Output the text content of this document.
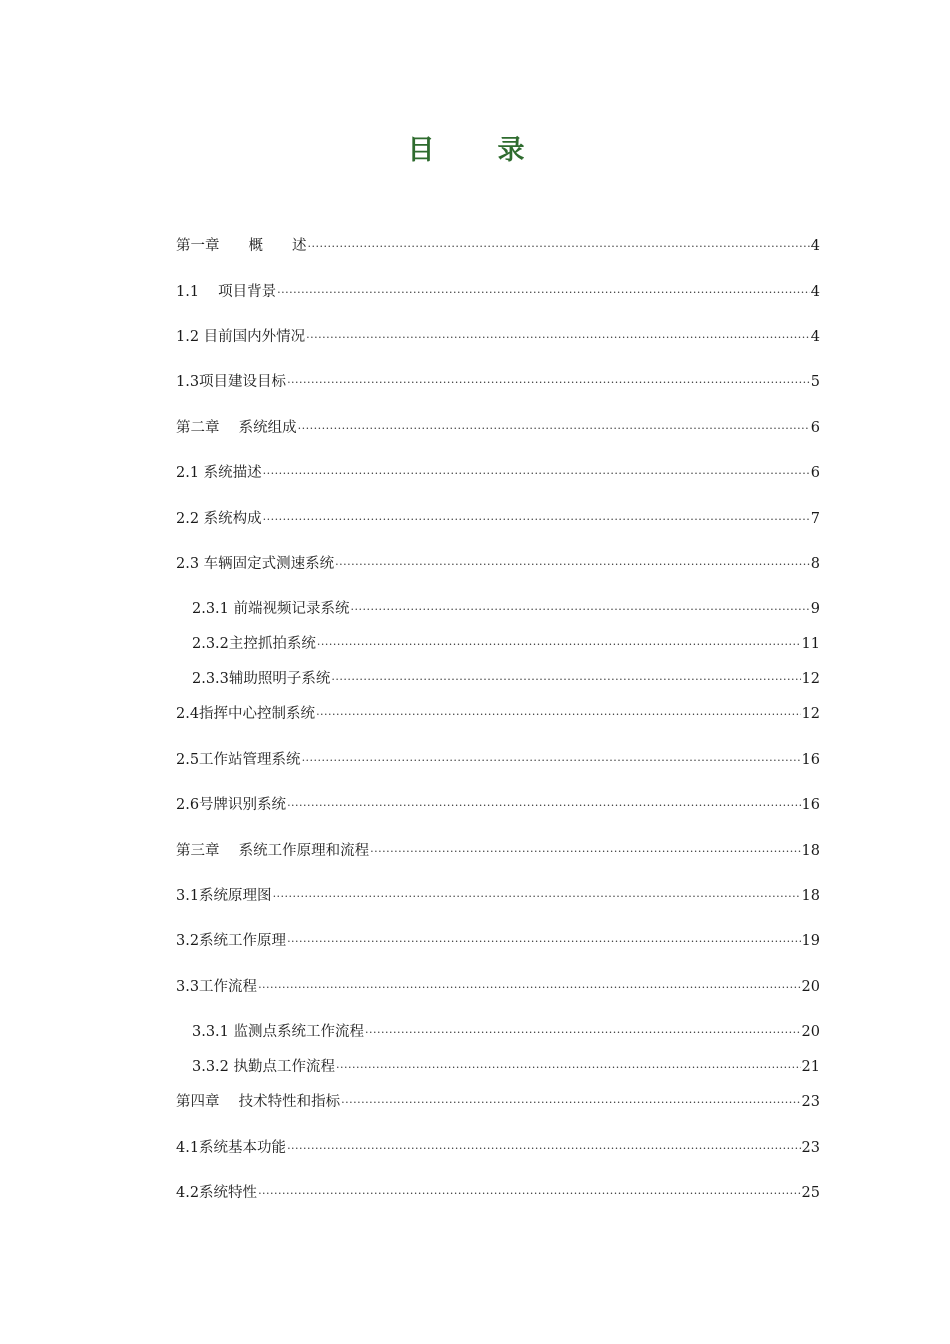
目　录
第一章　　概　　述 .....	4
1.1　 项目背景 .....	4
1.2 目前国内外情况 .....	4
1.3项目建设目标 .....	5
第二章　 系统组成 .....	6
2.1 系统描述 .....	6
2.2 系统构成 .....	7
2.3 车辆固定式测速系统 .....	8
2.3.1 前端视频记录系统 .....	9
2.3.2主控抓拍系统 .....	11
2.3.3辅助照明子系统 .....	12
2.4指挥中心控制系统 .....	12
2.5工作站管理系统 .....	16
2.6号牌识别系统 .....	16
第三章　 系统工作原理和流程 .....	18
3.1系统原理图 .....	18
3.2系统工作原理 .....	19
3.3工作流程 .....	20
3.3.1 监测点系统工作流程 .....	20
3.3.2 执勤点工作流程 .....	21
第四章　 技术特性和指标 .....	23
4.1系统基本功能 .....	23
4.2系统特性 .....	25
